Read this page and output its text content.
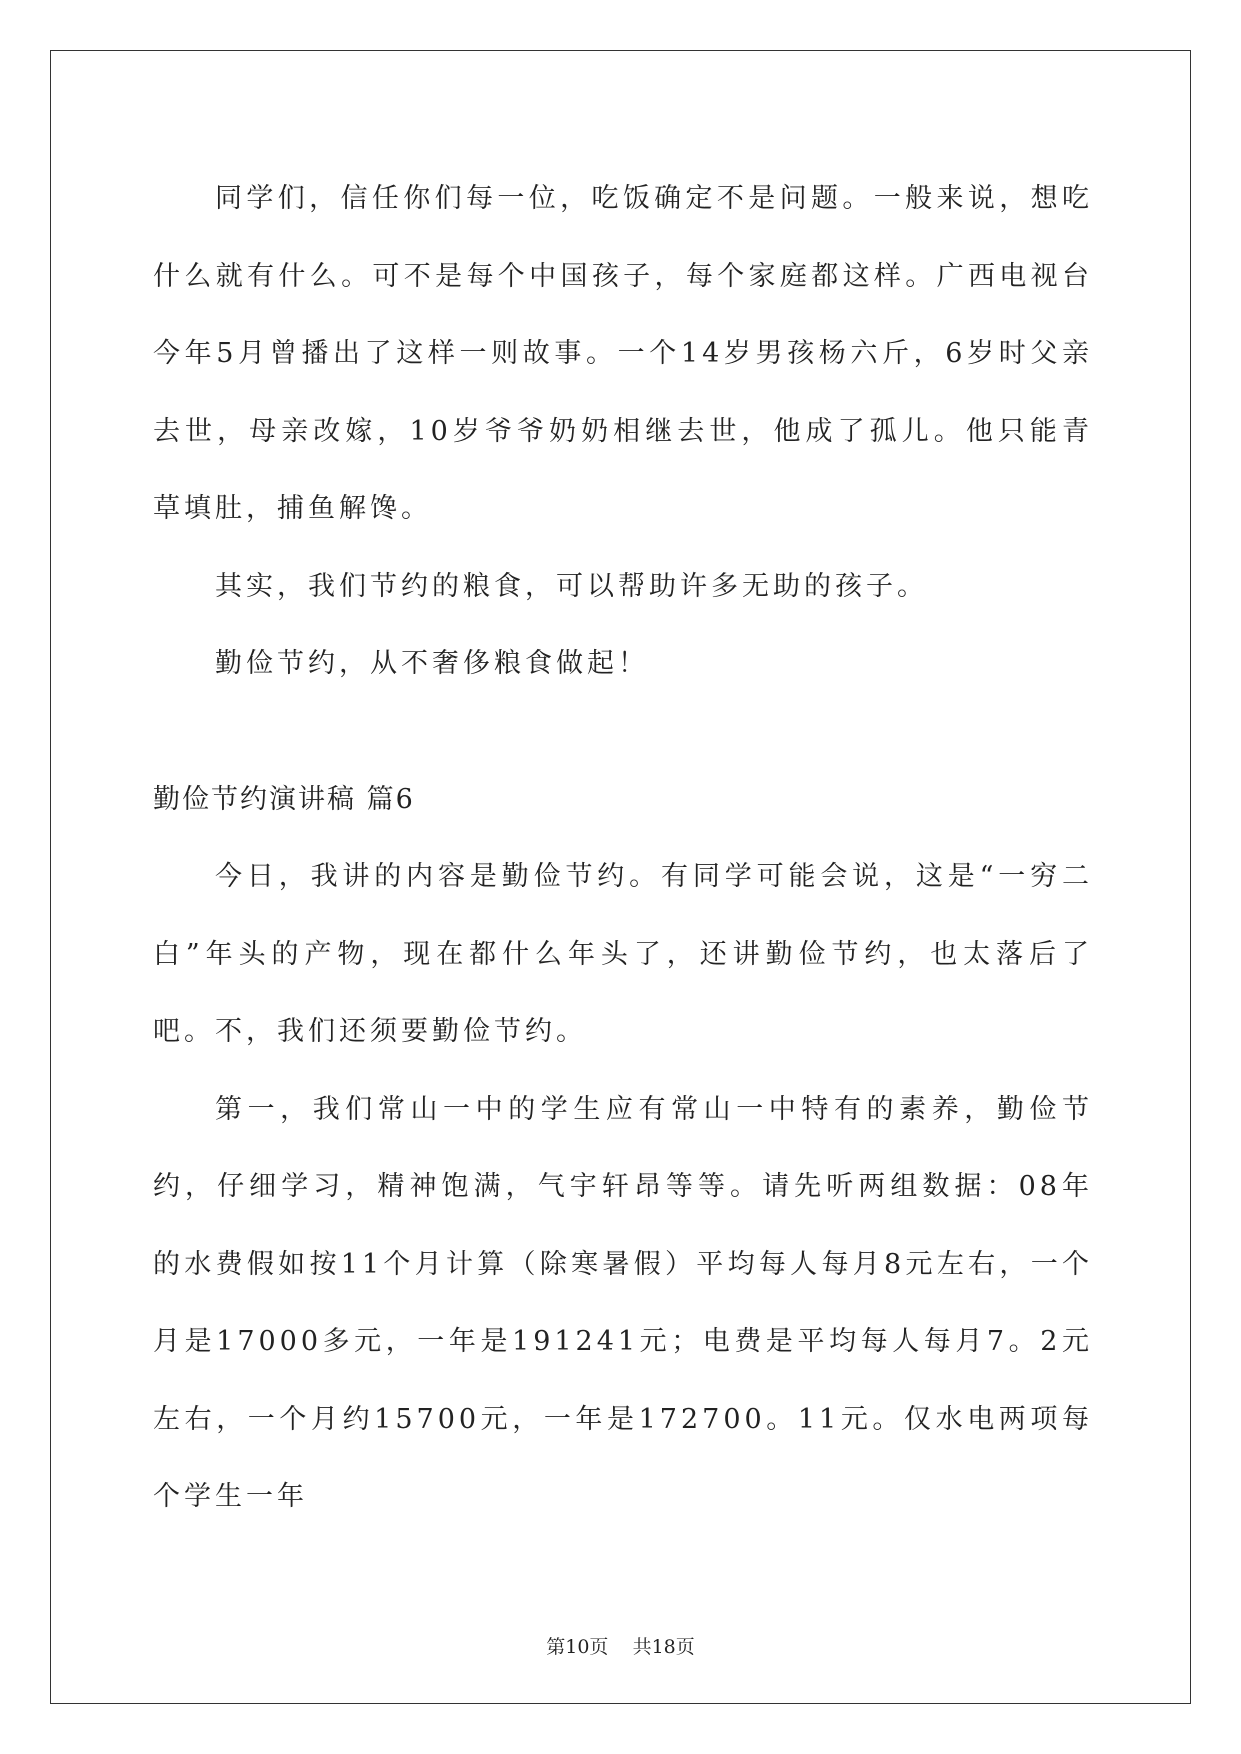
同学们，信任你们每一位，吃饭确定不是问题。一般来说，想吃什么就有什么。可不是每个中国孩子，每个家庭都这样。广西电视台今年5月曾播出了这样一则故事。一个14岁男孩杨六斤，6岁时父亲去世，母亲改嫁，10岁爷爷奶奶相继去世，他成了孤儿。他只能青草填肚，捕鱼解馋。

其实，我们节约的粮食，可以帮助许多无助的孩子。

勤俭节约，从不奢侈粮食做起！

勤俭节约演讲稿 篇6

今日，我讲的内容是勤俭节约。有同学可能会说，这是“一穷二白”年头的产物，现在都什么年头了，还讲勤俭节约，也太落后了吧。不，我们还须要勤俭节约。

第一，我们常山一中的学生应有常山一中特有的素养，勤俭节约，仔细学习，精神饱满，气宇轩昂等等。请先听两组数据：08年的水费假如按11个月计算（除寒暑假）平均每人每月8元左右，一个月是17000多元，一年是191241元；电费是平均每人每月7。2元左右，一个月约15700元，一年是172700。11元。仅水电两项每个学生一年

第10页    共18页
